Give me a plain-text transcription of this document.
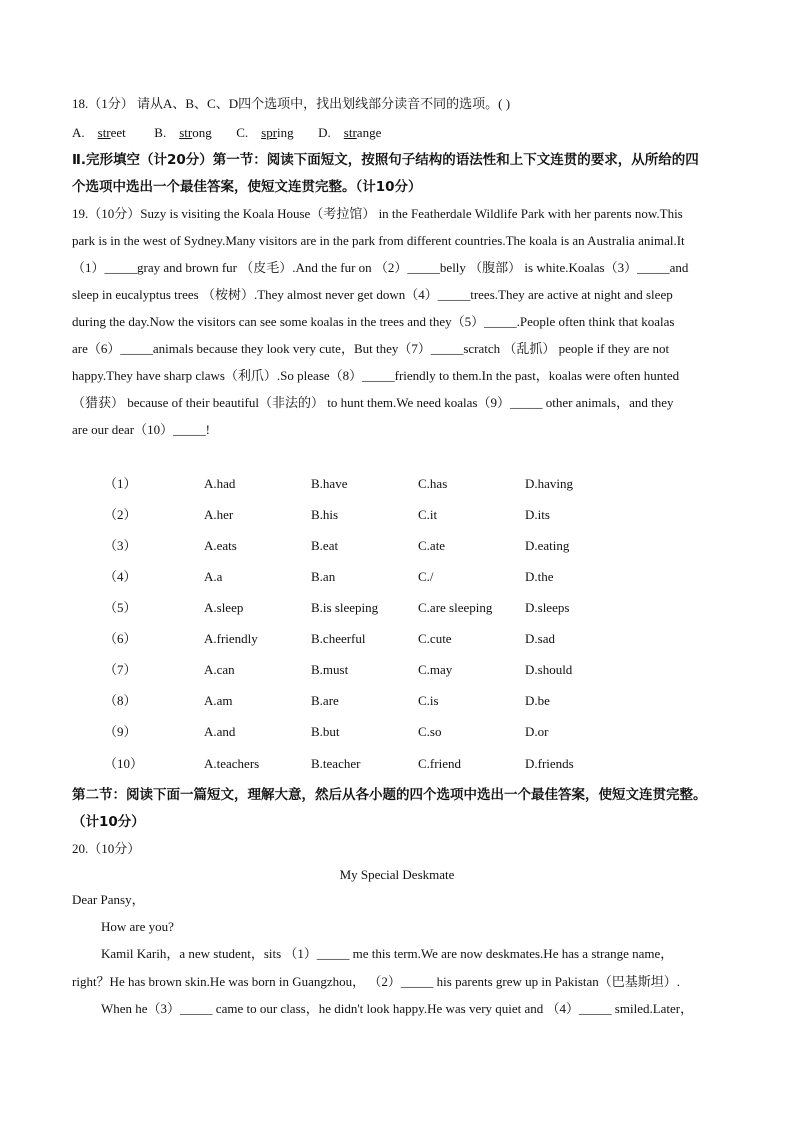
18.（1分） 请从A、B、C、D四个选项中，找出划线部分读音不同的选项。( )
A. street B. strong C. spring D. strange
Ⅱ.完形填空（计20分）第一节：阅读下面短文，按照句子结构的语法性和上下文连贯的要求，从所给的四
个选项中选出一个最佳答案，使短文连贯完整。（计10分）
19.（10分）Suzy is visiting the Koala House（考拉馆） in the Featherdale Wildlife Park with her parents now.This
park is in the west of Sydney.Many visitors are in the park from different countries.The koala is an Australia animal.It
（1）_____gray and brown fur （皮毛）.And the fur on （2）_____belly （腹部） is white.Koalas（3）_____and
sleep in eucalyptus trees （桉树）.They almost never get down（4）_____trees.They are active at night and sleep
during the day.Now the visitors can see some koalas in the trees and they（5）_____.People often think that koalas
are（6）_____animals because they look very cute，But they（7）_____scratch （乱抓） people if they are not
happy.They have sharp claws（利爪）.So please（8）_____friendly to them.In the past，koalas were often hunted
（猎获） because of their beautiful（非法的） to hunt them.We need koalas（9）_____ other animals，and they
are our dear（10）_____!
（1）	A.had	B.have	C.has	D.having
（2）	A.her	B.his	C.it	D.its
（3）	A.eats	B.eat	C.ate	D.eating
（4）	A.a	B.an	C./	D.the
（5）	A.sleep	B.is sleeping	C.are sleeping	D.sleeps
（6）	A.friendly	B.cheerful	C.cute	D.sad
（7）	A.can	B.must	C.may	D.should
（8）	A.am	B.are	C.is	D.be
（9）	A.and	B.but	C.so	D.or
（10）	A.teachers	B.teacher	C.friend	D.friends
第二节：阅读下面一篇短文，理解大意，然后从各小题的四个选项中选出一个最佳答案，使短文连贯完整。
（计10分）
20.（10分）
My Special Deskmate
Dear Pansy，
How are you?
Kamil Karih，a new student，sits （1）_____ me this term.We are now deskmates.He has a strange name，
right？He has brown skin.He was born in Guangzhou， （2）_____ his parents grew up in Pakistan（巴基斯坦）.
When he（3）_____ came to our class，he didn't look happy.He was very quiet and （4）_____ smiled.Later，
